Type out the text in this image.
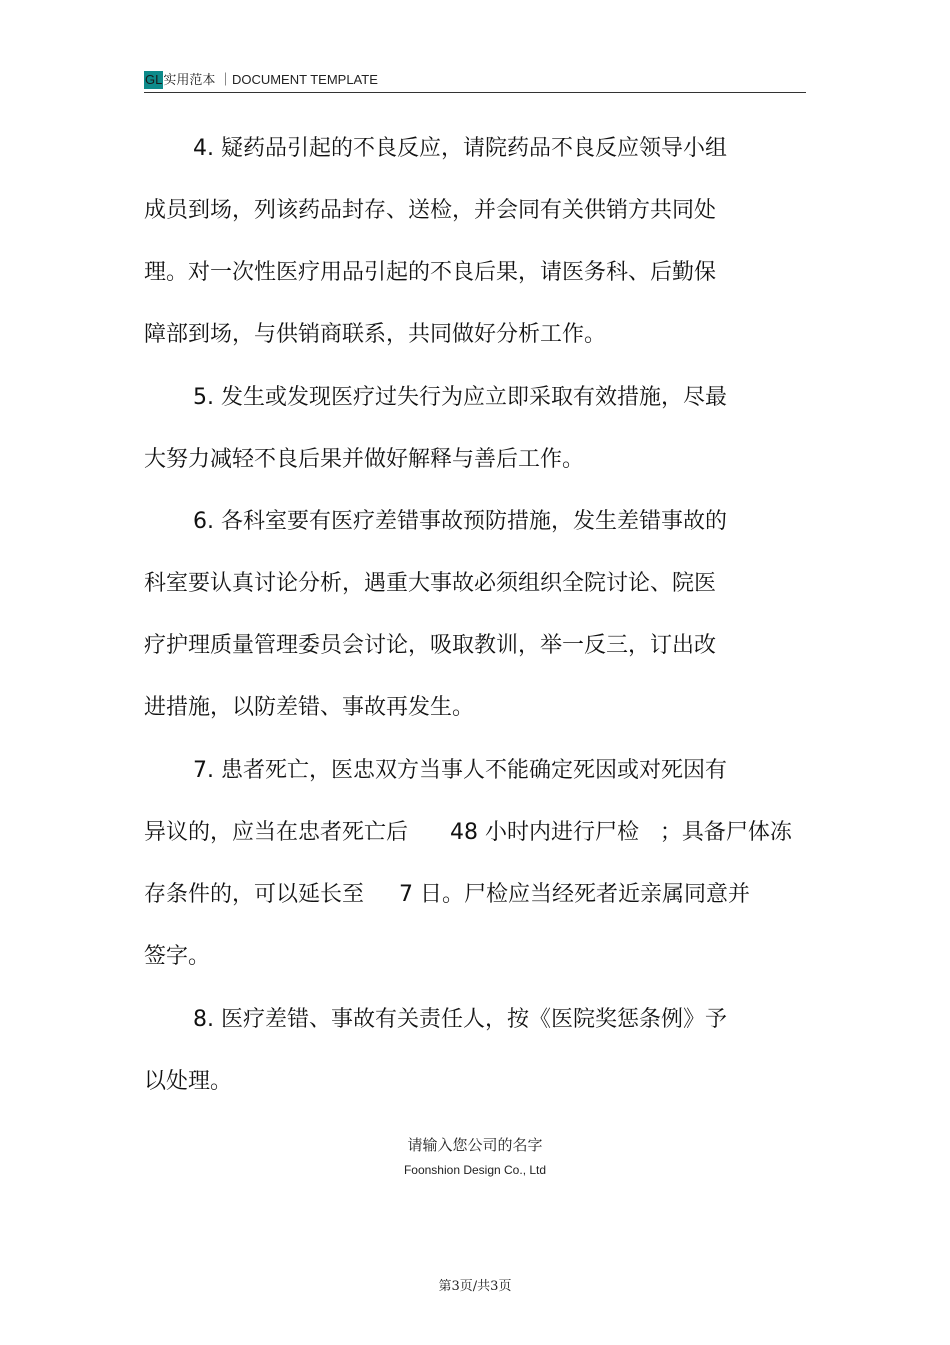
GL实用范本 ｜DOCUMENT TEMPLATE
4. 疑药品引起的不良反应，请院药品不良反应领导小组
成员到场，列该药品封存、送检，并会同有关供销方共同处
理。对一次性医疗用品引起的不良后果，请医务科、后勤保
障部到场，与供销商联系，共同做好分析工作。
5. 发生或发现医疗过失行为应立即采取有效措施，尽最
大努力减轻不良后果并做好解释与善后工作。
6. 各科室要有医疗差错事故预防措施，发生差错事故的
科室要认真讨论分析，遇重大事故必须组织全院讨论、院医
疗护理质量管理委员会讨论，吸取教训，举一反三，订出改
进措施，以防差错、事故再发生。
7. 患者死亡，医忠双方当事人不能确定死因或对死因有
异议的，应当在忠者死亡后      48 小时内进行尸检   ；具备尸体冻
存条件的，可以延长至     7 日。尸检应当经死者近亲属同意并
签字。
8. 医疗差错、事故有关责任人，按《医院奖惩条例》予
以处理。
请输入您公司的名字
Foonshion Design Co., Ltd
第3页/共3页
